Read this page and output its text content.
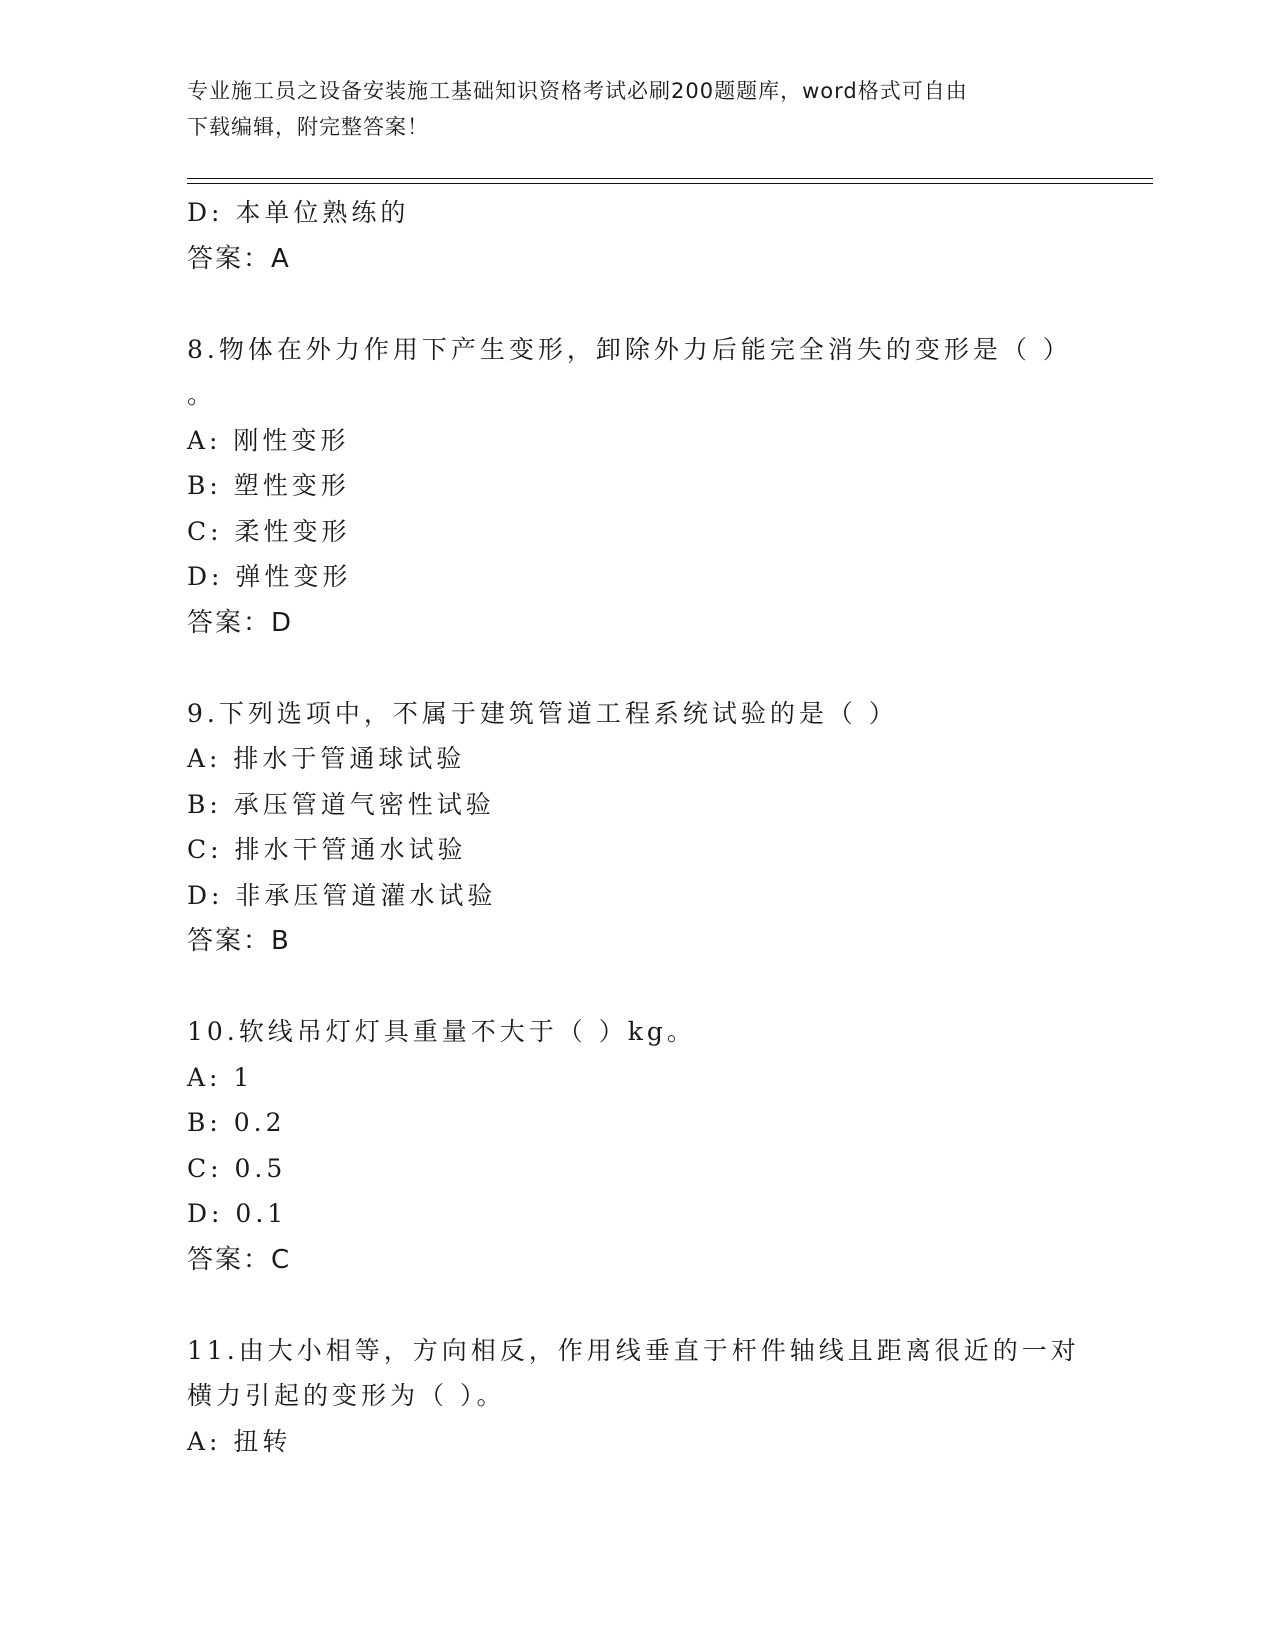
专业施工员之设备安装施工基础知识资格考试必刷200题题库，word格式可自由
下载编辑，附完整答案！
D: 本单位熟练的
答案：A
8.物体在外力作用下产生变形，卸除外力后能完全消失的变形是（ ）
。
A: 刚性变形
B: 塑性变形
C: 柔性变形
D: 弹性变形
答案：D
9.下列选项中，不属于建筑管道工程系统试验的是（ ）
A: 排水于管通球试验
B: 承压管道气密性试验
C: 排水干管通水试验
D: 非承压管道灌水试验
答案：B
10.软线吊灯灯具重量不大于（ ）kg。
A: 1
B: 0.2
C: 0.5
D: 0.1
答案：C
11.由大小相等，方向相反，作用线垂直于杆件轴线且距离很近的一对
横力引起的变形为（ ）。
A: 扭转
